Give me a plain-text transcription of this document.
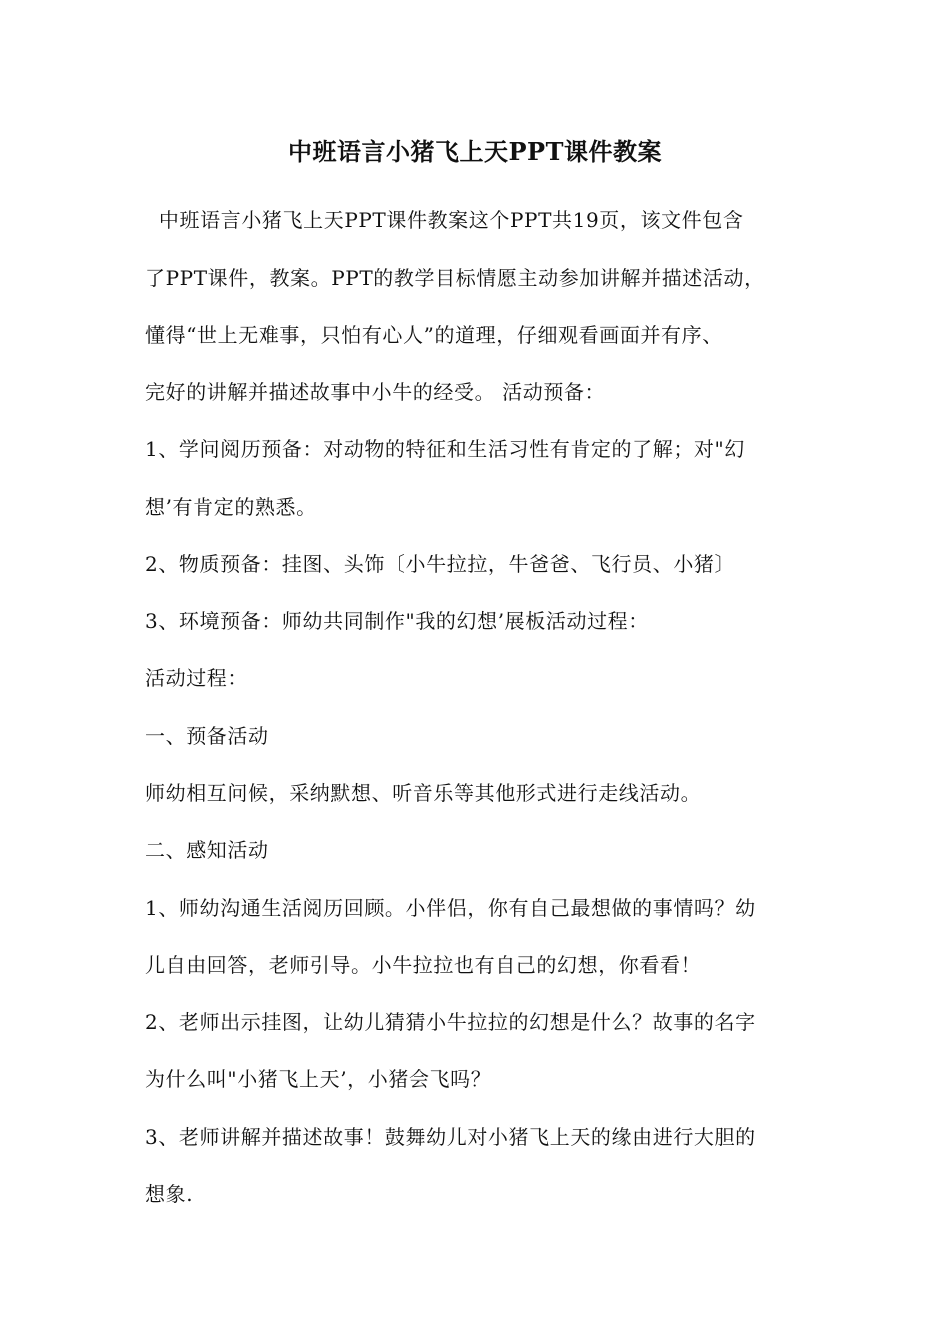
中班语言小猪飞上天PPT课件教案
中班语言小猪飞上天PPT课件教案这个PPT共19页，该文件包含
了PPT课件，教案。PPT的教学目标情愿主动参加讲解并描述活动，
懂得“世上无难事，只怕有心人”的道理，仔细观看画面并有序、
完好的讲解并描述故事中小牛的经受。 活动预备：
1、学问阅历预备：对动物的特征和生活习性有肯定的了解；对"幻
想’有肯定的熟悉。
2、物质预备：挂图、头饰〔小牛拉拉，牛爸爸、飞行员、小猪〕
3、环境预备：师幼共同制作"我的幻想’展板活动过程：
活动过程：
一、预备活动
师幼相互问候，采纳默想、听音乐等其他形式进行走线活动。
二、感知活动
1、师幼沟通生活阅历回顾。小伴侣，你有自己最想做的事情吗？幼
儿自由回答，老师引导。小牛拉拉也有自己的幻想，你看看！
2、老师出示挂图，让幼儿猜猜小牛拉拉的幻想是什么？故事的名字
为什么叫"小猪飞上天’，小猪会飞吗？
3、老师讲解并描述故事！鼓舞幼儿对小猪飞上天的缘由进行大胆的
想象.
